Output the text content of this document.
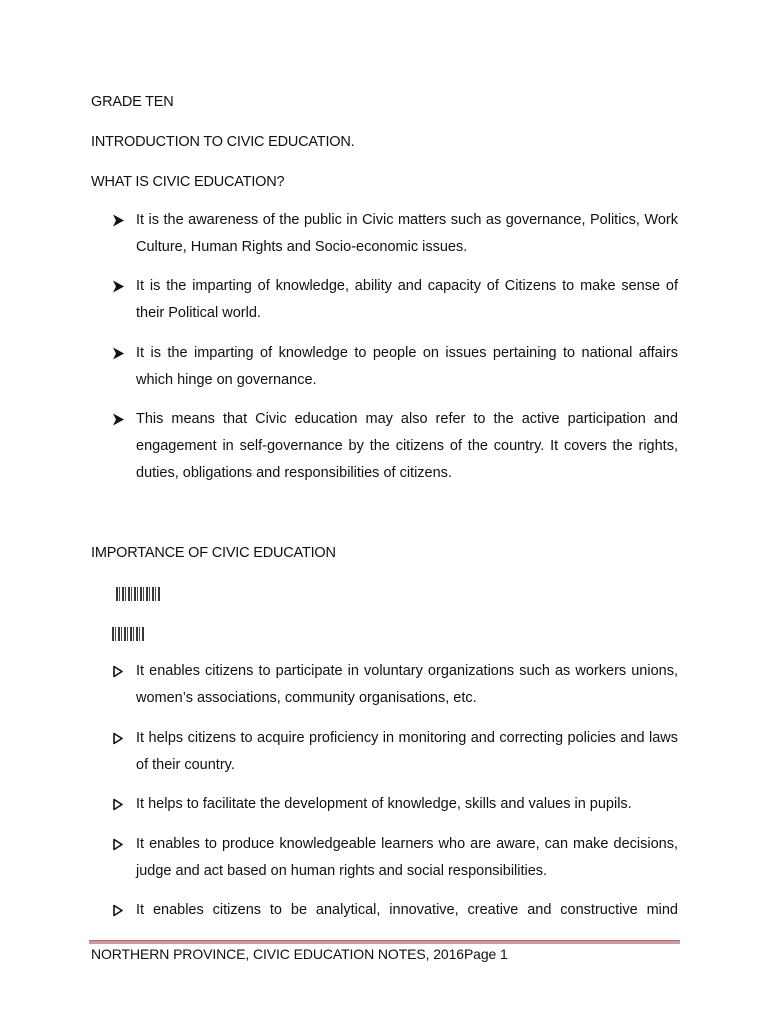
GRADE TEN
INTRODUCTION TO CIVIC EDUCATION.
WHAT IS CIVIC EDUCATION?
It is the awareness of the public in Civic matters such as governance, Politics, Work Culture, Human Rights and Socio-economic issues.
It is the imparting of knowledge, ability and capacity of Citizens to make sense of their Political world.
It is the imparting of knowledge to people on issues pertaining to national affairs which hinge on governance.
This means that Civic education may also refer to the active participation and engagement in self-governance by the citizens of the country. It covers the rights, duties, obligations and responsibilities of citizens.
IMPORTANCE OF CIVIC EDUCATION
It enables citizens to participate in voluntary organizations such as workers unions, women’s associations, community organisations, etc.
It helps citizens to acquire proficiency in monitoring and correcting policies and laws of their country.
It helps to facilitate the development of knowledge, skills and values in pupils.
It enables to produce knowledgeable learners who are aware, can make decisions, judge and act based on human rights and social responsibilities.
It enables citizens to be analytical, innovative, creative and constructive mind
NORTHERN PROVINCE, CIVIC EDUCATION NOTES, 2016Page 1
